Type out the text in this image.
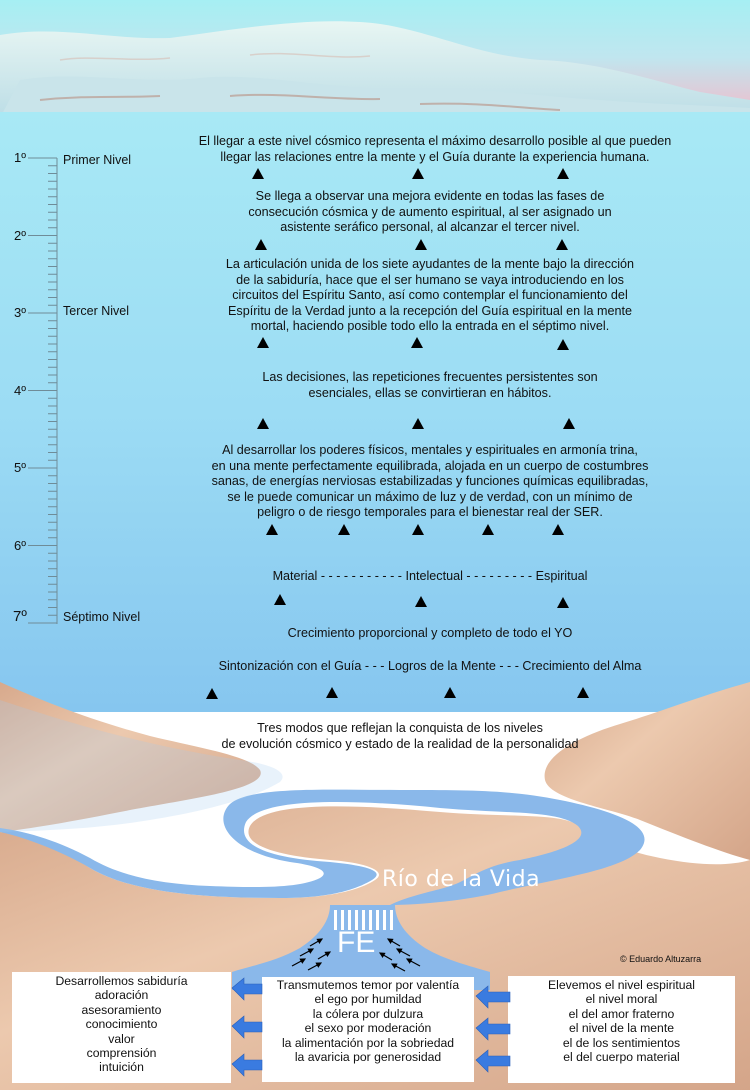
1º
2º
3º
4º
5º
6º
7º
Primer Nivel
Tercer Nivel
Séptimo Nivel
El llegar a este nivel cósmico representa el máximo desarrollo posible al que pueden
llegar las relaciones entre la mente y el Guía durante la experiencia humana.
Se llega a observar una mejora evidente en todas las fases de
consecución cósmica y de aumento espiritual, al ser asignado un
asistente seráfico personal, al alcanzar el tercer nivel.
La articulación unida de los siete ayudantes de la mente bajo la dirección
de la sabiduría, hace que el ser humano se vaya introduciendo en los
circuitos del Espíritu Santo, así como contemplar el funcionamiento del
Espíritu de la Verdad junto a la recepción del Guía espiritual en la mente
mortal, haciendo posible todo ello la entrada en el séptimo nivel.
Las decisiones, las repeticiones frecuentes persistentes son
esenciales, ellas se convirtieran en hábitos.
Al desarrollar los poderes físicos, mentales y espirituales en armonía trina,
en una mente perfectamente equilibrada, alojada en un cuerpo de costumbres
sanas, de energías nerviosas estabilizadas y funciones químicas equilibradas,
se le puede comunicar un máximo de luz y de verdad, con un mínimo de
peligro o de riesgo temporales para el bienestar real der SER.
Material - - - - - - - - - - - Intelectual - - - - - - - - - Espiritual
Crecimiento proporcional y completo de todo el YO
Sintonización con el Guía - - - Logros de la Mente - - - Crecimiento del Alma
Tres modos que reflejan la conquista de los niveles
de evolución cósmico y estado de la realidad de la personalidad
Río de la Vida
FE	© Eduardo Altuzarra
Desarrollemos sabiduría
adoración
asesoramiento
conocimiento
valor
comprensión
intuición
Transmutemos temor por valentía
el ego por humildad
la cólera por dulzura
el sexo por moderación
la alimentación por la sobriedad
la avaricia por generosidad
Elevemos el nivel espiritual
el nivel moral
el del amor fraterno
el nivel de la mente
el de los sentimientos
el del cuerpo material
